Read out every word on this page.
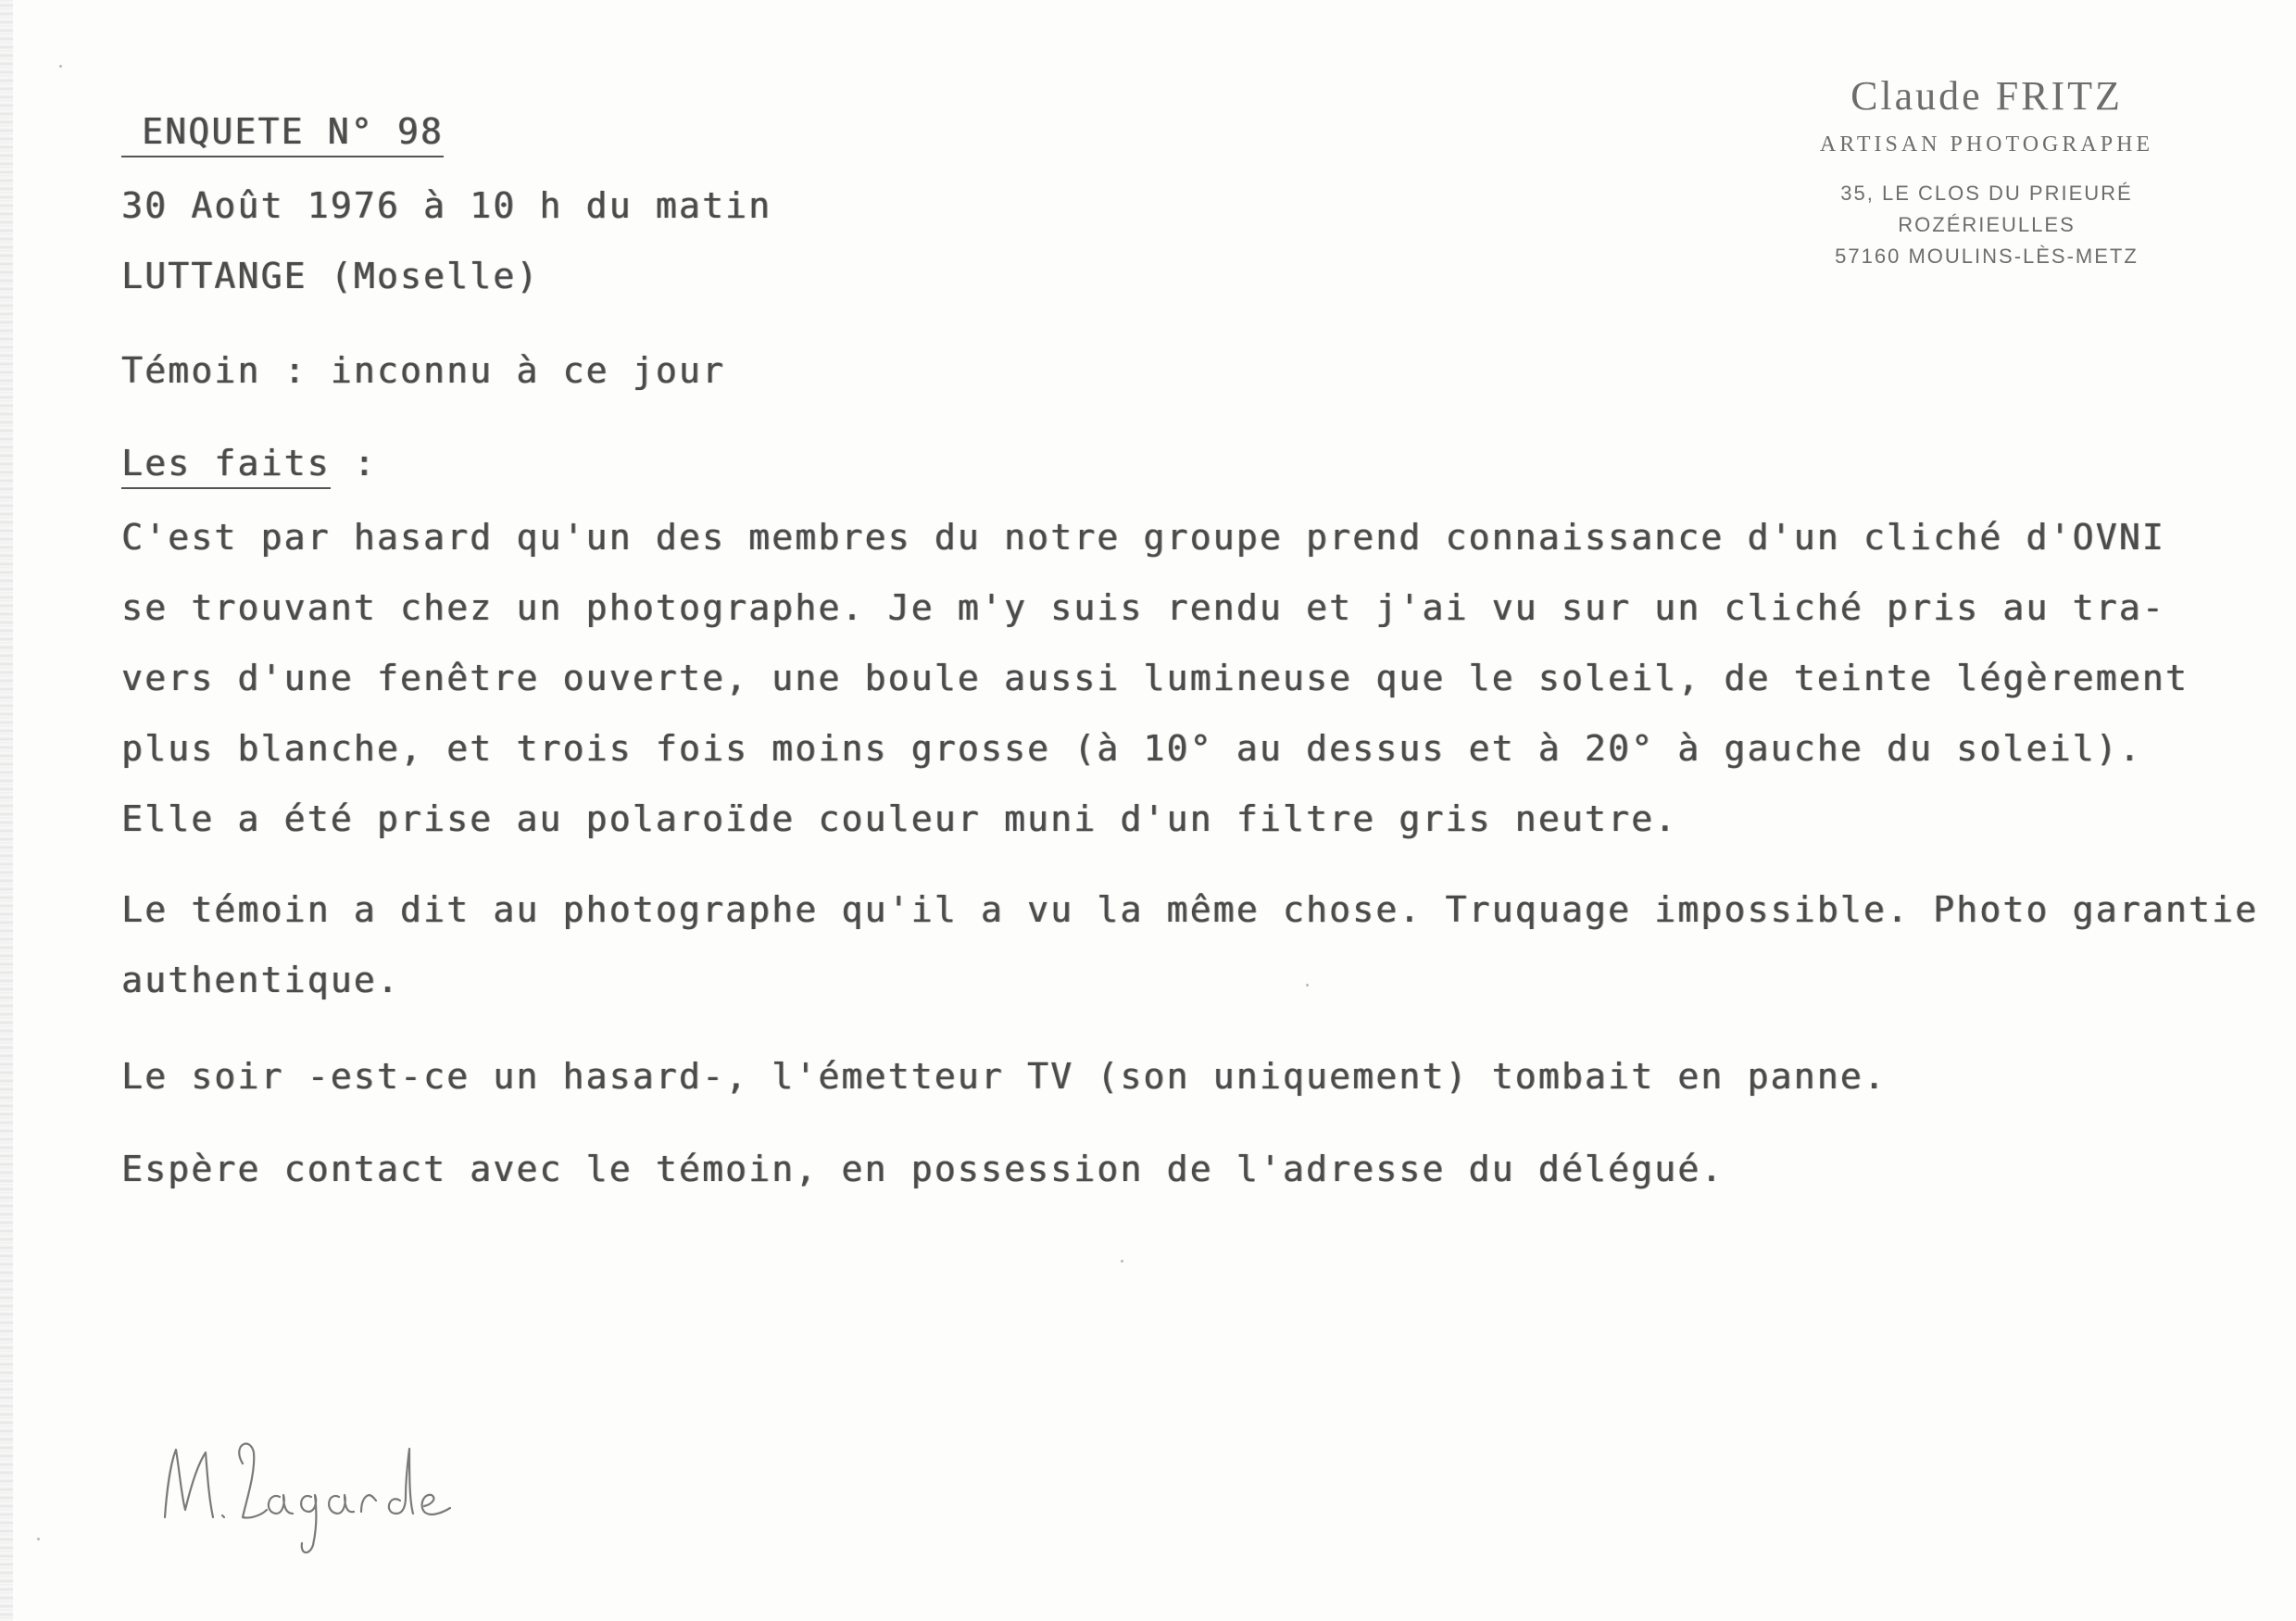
ENQUETE N° 98
30 Août 1976 à 10 h du matin
LUTTANGE (Moselle)
Témoin : inconnu à ce jour
Les faits :
C'est par hasard qu'un des membres du notre groupe prend connaissance d'un cliché d'OVNI
se trouvant chez un photographe. Je m'y suis rendu et j'ai vu sur un cliché pris au tra-
vers d'une fenêtre ouverte, une boule aussi lumineuse que le soleil, de teinte légèrement
plus blanche, et trois fois moins grosse (à 10° au dessus et à 20° à gauche du soleil).
Elle a été prise au polaroïde couleur muni d'un filtre gris neutre.
Le témoin a dit au photographe qu'il a vu la même chose. Truquage impossible. Photo garantie
authentique.
Le soir -est-ce un hasard-, l'émetteur TV (son uniquement) tombait en panne.
Espère contact avec le témoin, en possession de l'adresse du délégué.
Claude FRITZ
ARTISAN PHOTOGRAPHE
35, LE CLOS DU PRIEURÉ
ROZÉRIEULLES
57160 MOULINS-LÈS-METZ
